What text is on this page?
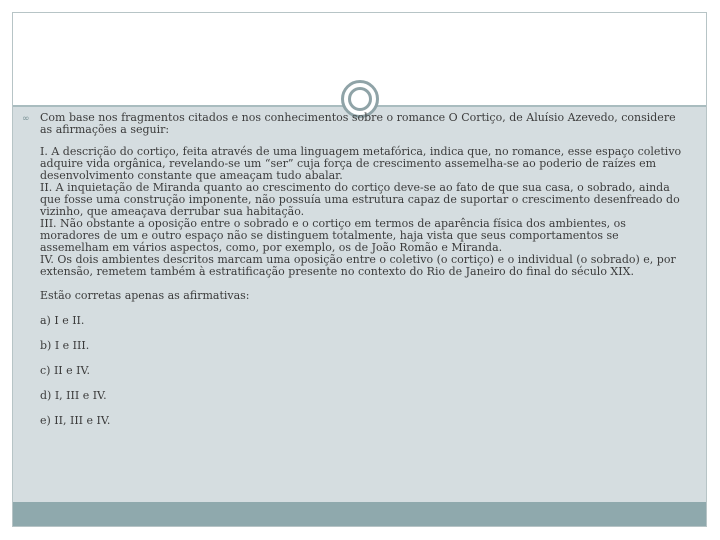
∞ Com base nos fragmentos citados e nos conhecimentos sobre o romance O Cortiço, de Aluísio Azevedo, considere as afirmações a seguir:
I. A descrição do cortiço, feita através de uma linguagem metafórica, indica que, no romance, esse espaço coletivo adquire vida orgânica, revelando-se um “ser” cuja força de crescimento assemelha-se ao poderio de raízes em desenvolvimento constante que ameaçam tudo abalar.
II. A inquietação de Miranda quanto ao crescimento do cortiço deve-se ao fato de que sua casa, o sobrado, ainda que fosse uma construção imponente, não possuía uma estrutura capaz de suportar o crescimento desenfreado do vizinho, que ameaçava derrubar sua habitação.
III. Não obstante a oposição entre o sobrado e o cortiço em termos de aparência física dos ambientes, os moradores de um e outro espaço não se distinguem totalmente, haja vista que seus comportamentos se assemelham em vários aspectos, como, por exemplo, os de João Romão e Miranda.
IV. Os dois ambientes descritos marcam uma oposição entre o coletivo (o cortiço) e o individual (o sobrado) e, por extensão, remetem também à estratificação presente no contexto do Rio de Janeiro do final do século XIX.
Estão corretas apenas as afirmativas:
a) I e II.
b) I e III.
c) II e IV.
d) I, III e IV.
e) II, III e IV.
